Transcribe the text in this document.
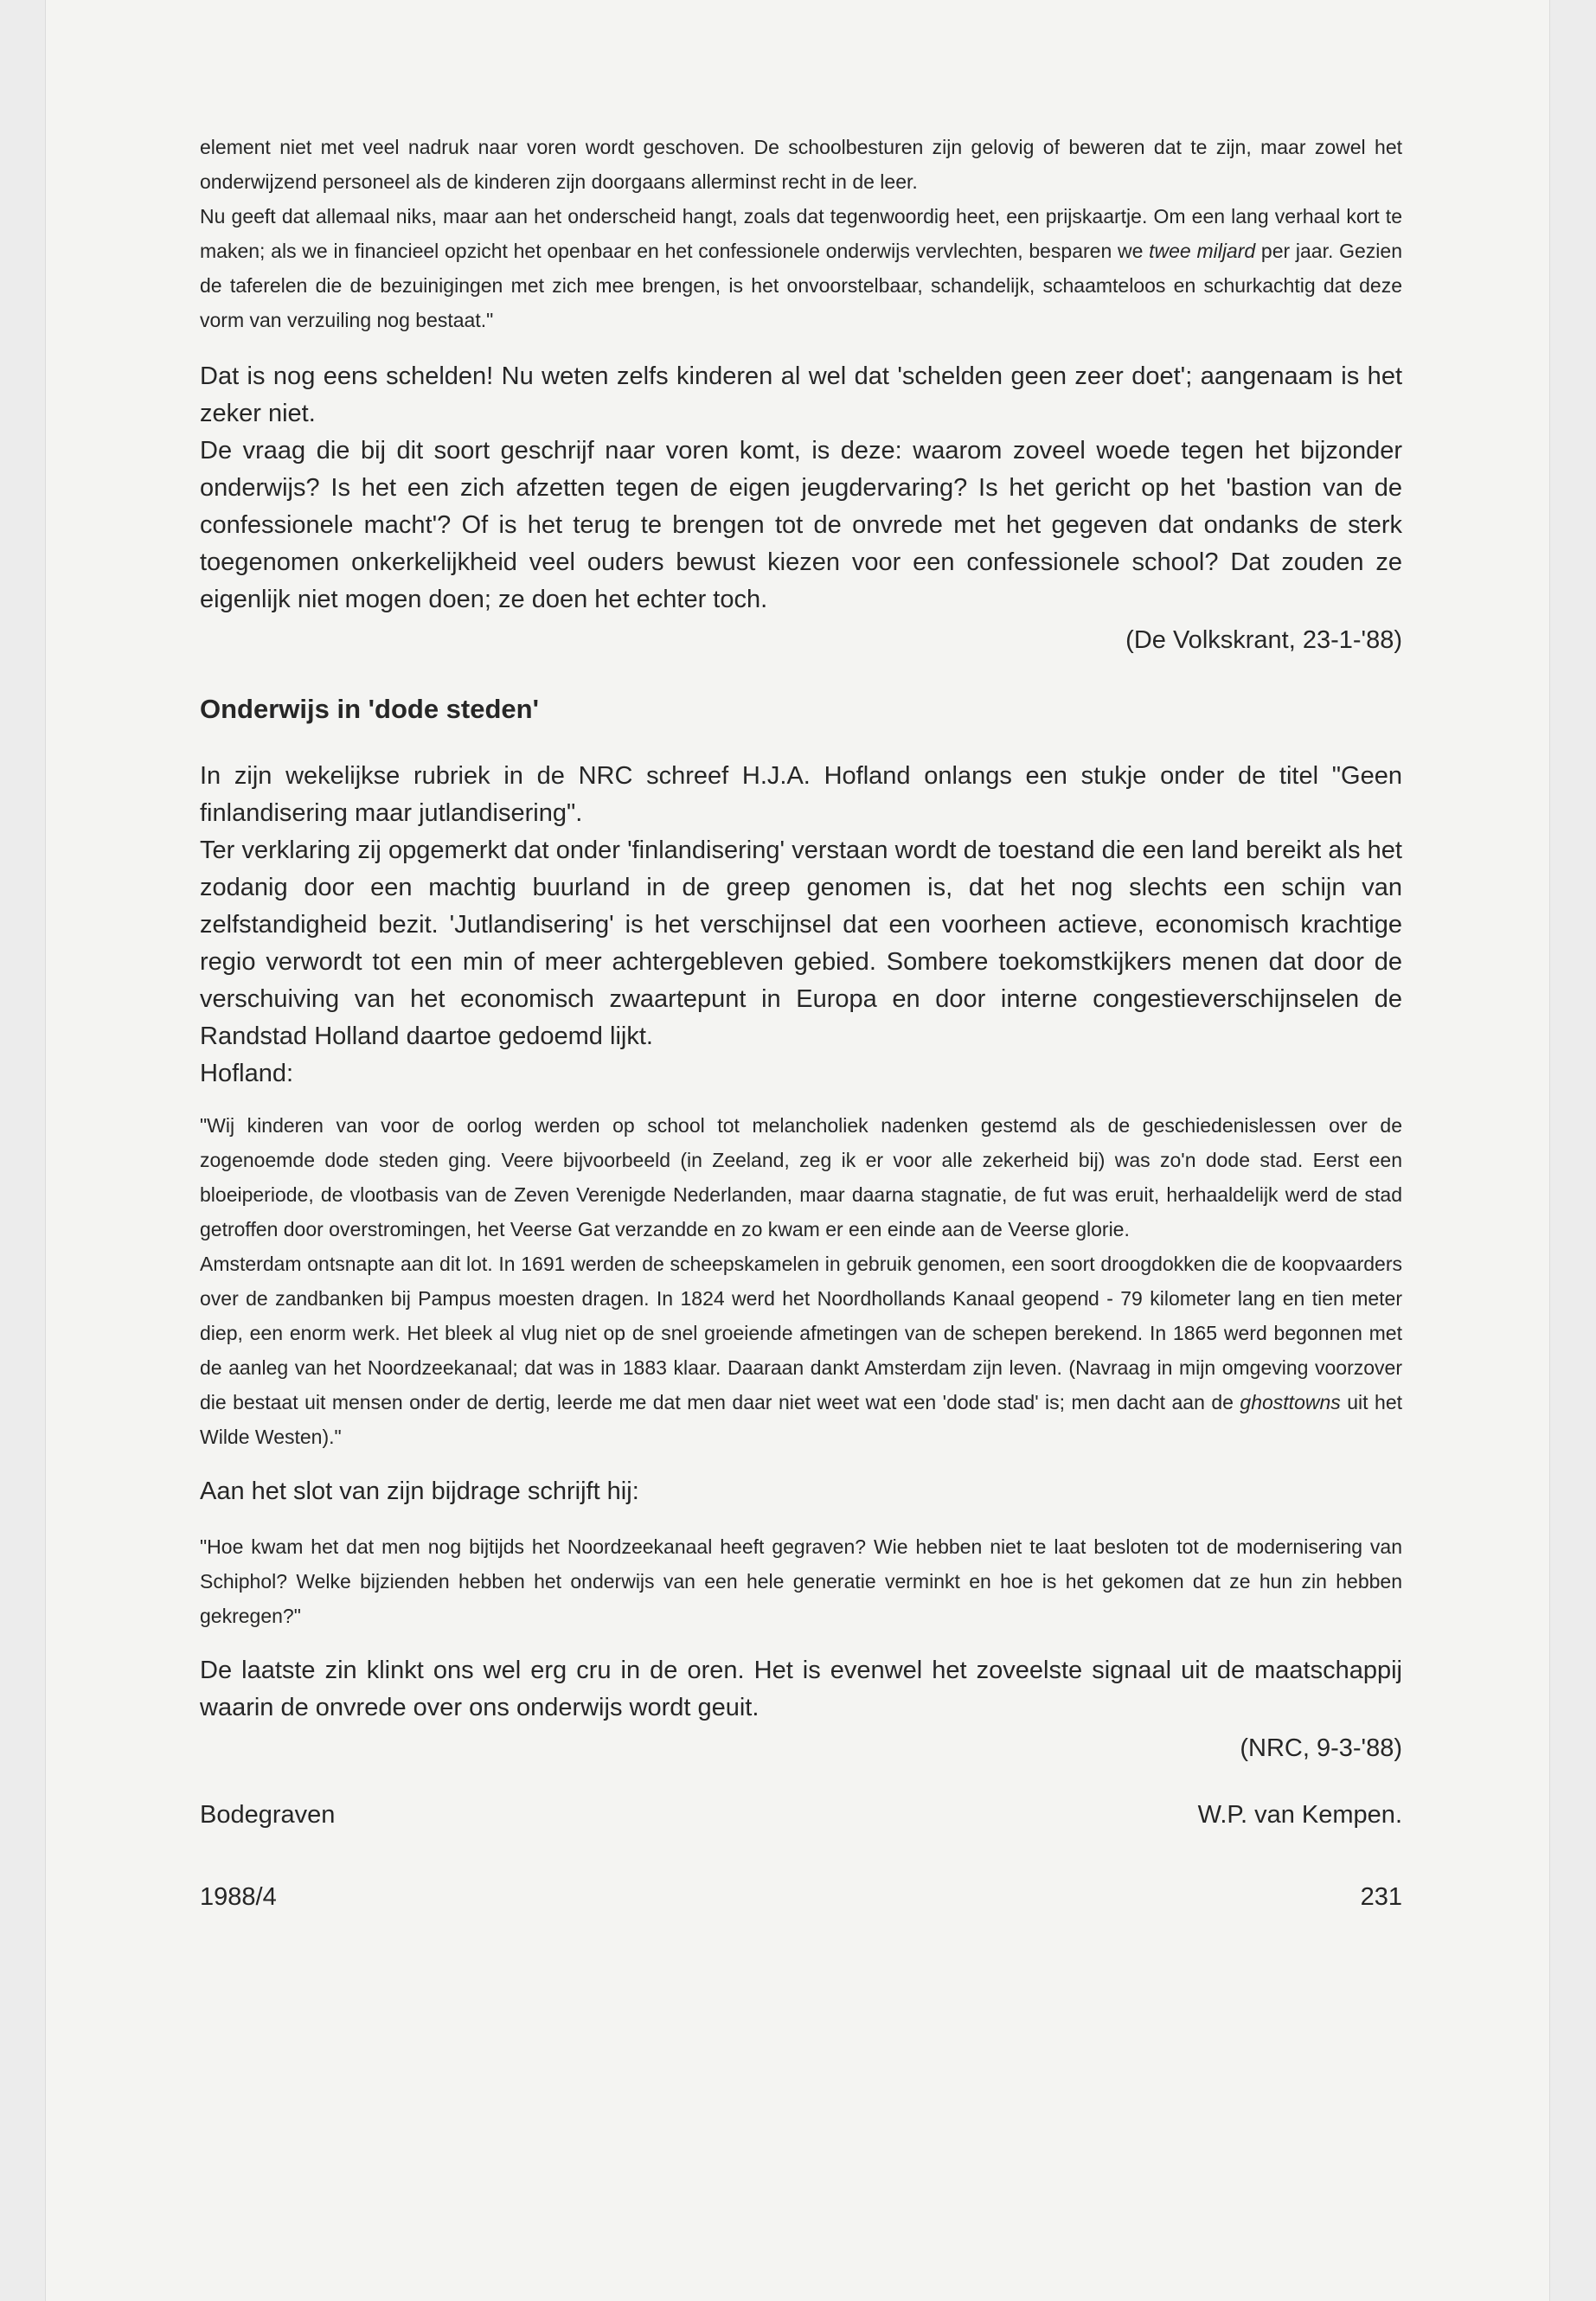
element niet met veel nadruk naar voren wordt geschoven. De schoolbesturen zijn gelovig of beweren dat te zijn, maar zowel het onderwijzend personeel als de kinderen zijn doorgaans allerminst recht in de leer.

Nu geeft dat allemaal niks, maar aan het onderscheid hangt, zoals dat tegenwoordig heet, een prijskaartje. Om een lang verhaal kort te maken; als we in financieel opzicht het openbaar en het confessionele onderwijs vervlechten, besparen we twee miljard per jaar. Gezien de taferelen die de bezuinigingen met zich mee brengen, is het onvoorstelbaar, schandelijk, schaamteloos en schurkachtig dat deze vorm van verzuiling nog bestaat."

Dat is nog eens schelden! Nu weten zelfs kinderen al wel dat 'schelden geen zeer doet'; aangenaam is het zeker niet.

De vraag die bij dit soort geschrijf naar voren komt, is deze: waarom zoveel woede tegen het bijzonder onderwijs? Is het een zich afzetten tegen de eigen jeugdervaring? Is het gericht op het 'bastion van de confessionele macht'? Of is het terug te brengen tot de onvrede met het gegeven dat ondanks de sterk toegenomen onkerkelijkheid veel ouders bewust kiezen voor een confessionele school? Dat zouden ze eigenlijk niet mogen doen; ze doen het echter toch.

(De Volkskrant, 23-1-'88)
Onderwijs in 'dode steden'

In zijn wekelijkse rubriek in de NRC schreef H.J.A. Hofland onlangs een stukje onder de titel "Geen finlandisering maar jutlandisering".

Ter verklaring zij opgemerkt dat onder 'finlandisering' verstaan wordt de toestand die een land bereikt als het zodanig door een machtig buurland in de greep genomen is, dat het nog slechts een schijn van zelfstandigheid bezit. 'Jutlandisering' is het verschijnsel dat een voorheen actieve, economisch krachtige regio verwordt tot een min of meer achtergebleven gebied. Sombere toekomstkijkers menen dat door de verschuiving van het economisch zwaartepunt in Europa en door interne congestieverschijnselen de Randstad Holland daartoe gedoemd lijkt.

Hofland:

"Wij kinderen van voor de oorlog werden op school tot melancholiek nadenken gestemd als de geschiedenislessen over de zogenoemde dode steden ging. Veere bijvoorbeeld (in Zeeland, zeg ik er voor alle zekerheid bij) was zo'n dode stad. Eerst een bloeiperiode, de vlootbasis van de Zeven Verenigde Nederlanden, maar daarna stagnatie, de fut was eruit, herhaaldelijk werd de stad getroffen door overstromingen, het Veerse Gat verzandde en zo kwam er een einde aan de Veerse glorie.

Amsterdam ontsnapte aan dit lot. In 1691 werden de scheepskamelen in gebruik genomen, een soort droogdokken die de koopvaarders over de zandbanken bij Pampus moesten dragen. In 1824 werd het Noordhollands Kanaal geopend - 79 kilometer lang en tien meter diep, een enorm werk. Het bleek al vlug niet op de snel groeiende afmetingen van de schepen berekend. In 1865 werd begonnen met de aanleg van het Noordzeekanaal; dat was in 1883 klaar. Daaraan dankt Amsterdam zijn leven. (Navraag in mijn omgeving voorzover die bestaat uit mensen onder de dertig, leerde me dat men daar niet weet wat een 'dode stad' is; men dacht aan de ghosttowns uit het Wilde Westen)."

Aan het slot van zijn bijdrage schrijft hij:

"Hoe kwam het dat men nog bijtijds het Noordzeekanaal heeft gegraven? Wie hebben niet te laat besloten tot de modernisering van Schiphol? Welke bijzienden hebben het onderwijs van een hele generatie verminkt en hoe is het gekomen dat ze hun zin hebben gekregen?"

De laatste zin klinkt ons wel erg cru in de oren. Het is evenwel het zoveelste signaal uit de maatschappij waarin de onvrede over ons onderwijs wordt geuit.

(NRC, 9-3-'88)
Bodegraven	W.P. van Kempen.
1988/4	231
